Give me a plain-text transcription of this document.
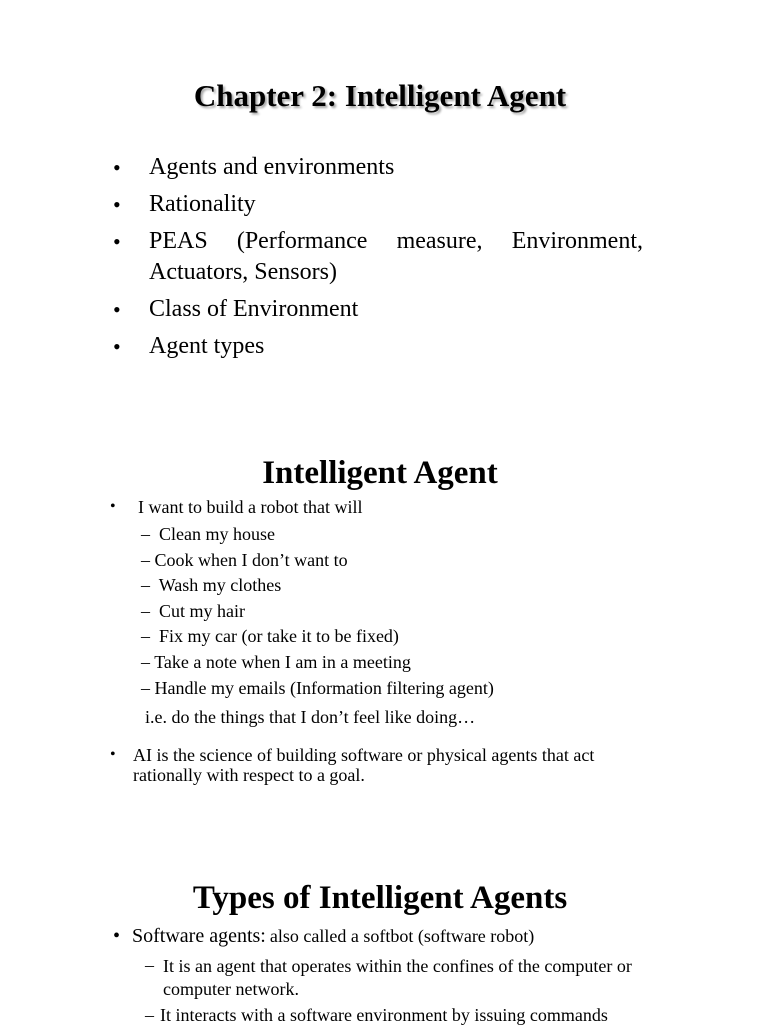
Chapter 2: Intelligent Agent
• Agents and environments
• Rationality
• PEAS (Performance measure, Environment,
Actuators, Sensors)
• Class of Environment
• Agent types
Intelligent Agent
• I want to build a robot that will
– Clean my house
– Cook when I don’t want to
– Wash my clothes
– Cut my hair
– Fix my car (or take it to be fixed)
– Take a note when I am in a meeting
– Handle my emails (Information filtering agent)
i.e. do the things that I don’t feel like doing…
• AI is the science of building software or physical agents that act rationally with respect to a goal.
Types of Intelligent Agents
• Software agents: also called a softbot (software robot)
– It is an agent that operates within the confines of the computer or computer network.
– It interacts with a software environment by issuing commands
